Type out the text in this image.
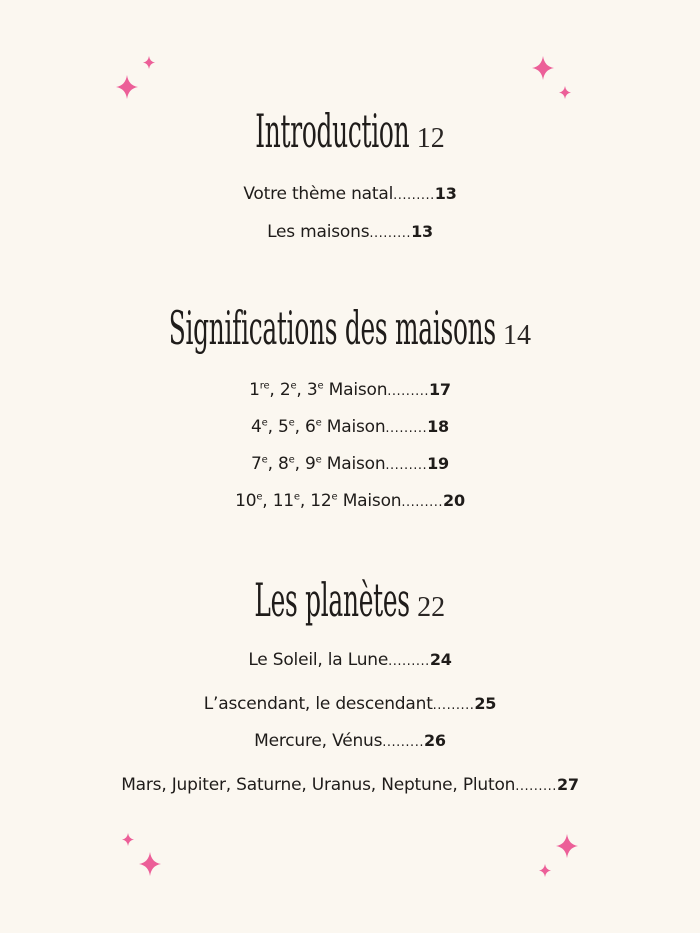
Introduction 12
Votre thème natal.........13
Les maisons.........13
Significations des maisons 14
1re, 2e, 3e Maison.........17
4e, 5e, 6e Maison.........18
7e, 8e, 9e Maison.........19
10e, 11e, 12e Maison.........20
Les planètes 22
Le Soleil, la Lune.........24
L’ascendant, le descendant.........25
Mercure, Vénus.........26
Mars, Jupiter, Saturne, Uranus, Neptune, Pluton.........27
